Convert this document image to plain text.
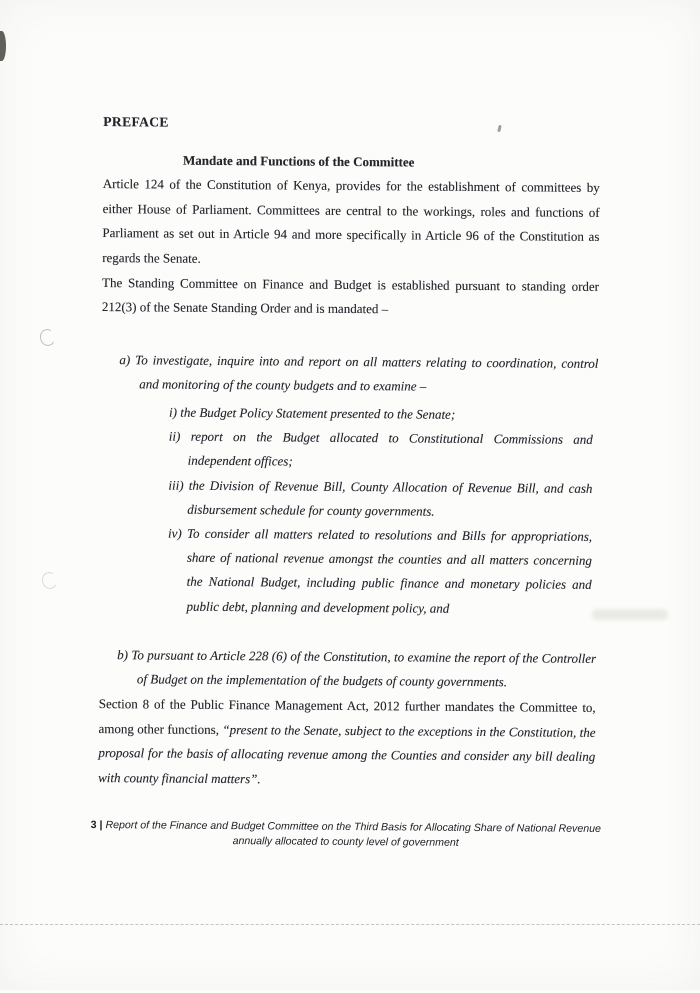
PREFACE

Mandate and Functions of the Committee

Article 124 of the Constitution of Kenya, provides for the establishment of committees by either House of Parliament. Committees are central to the workings, roles and functions of Parliament as set out in Article 94 and more specifically in Article 96 of the Constitution as regards the Senate.

The Standing Committee on Finance and Budget is established pursuant to standing order 212(3) of the Senate Standing Order and is mandated –

a) To investigate, inquire into and report on all matters relating to coordination, control and monitoring of the county budgets and to examine –

i) the Budget Policy Statement presented to the Senate;

ii) report on the Budget allocated to Constitutional Commissions and independent offices;

iii) the Division of Revenue Bill, County Allocation of Revenue Bill, and cash disbursement schedule for county governments.

iv) To consider all matters related to resolutions and Bills for appropriations, share of national revenue amongst the counties and all matters concerning the National Budget, including public finance and monetary policies and public debt, planning and development policy, and

b) To pursuant to Article 228 (6) of the Constitution, to examine the report of the Controller of Budget on the implementation of the budgets of county governments.

Section 8 of the Public Finance Management Act, 2012 further mandates the Committee to, among other functions, “present to the Senate, subject to the exceptions in the Constitution, the proposal for the basis of allocating revenue among the Counties and consider any bill dealing with county financial matters”.

3 | Report of the Finance and Budget Committee on the Third Basis for Allocating Share of National Revenue
annually allocated to county level of government
